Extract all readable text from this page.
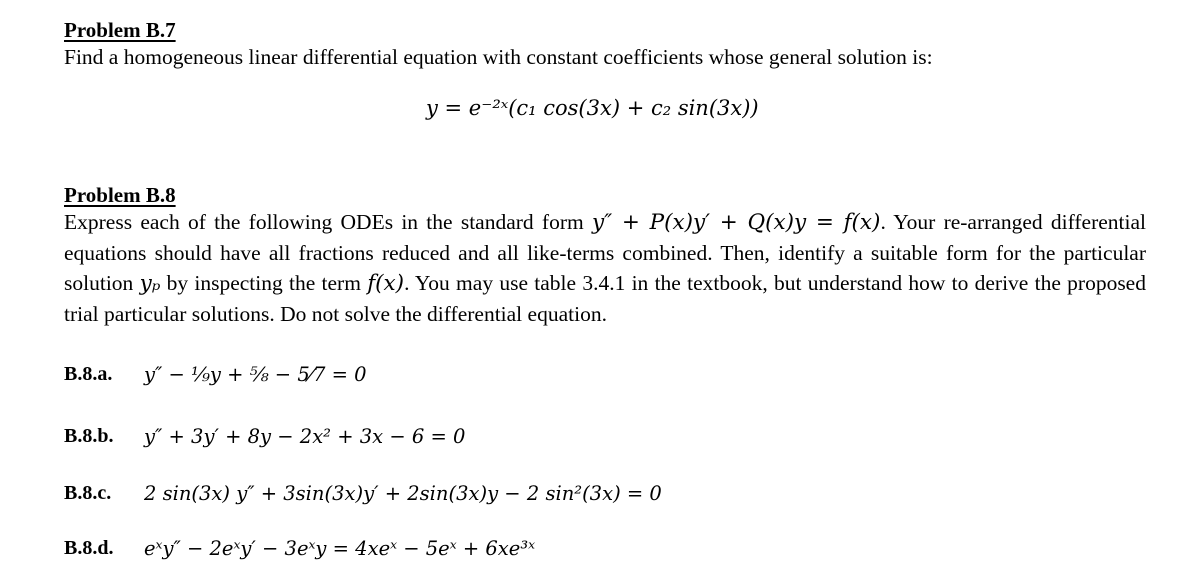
Problem B.7
Find a homogeneous linear differential equation with constant coefficients whose general solution is:
y = e⁻²ˣ(c₁ cos(3x) + c₂ sin(3x))
Problem B.8
Express each of the following ODEs in the standard form y″ + P(x)y′ + Q(x)y = f(x). Your re-arranged differential equations should have all fractions reduced and all like-terms combined. Then, identify a suitable form for the particular solution yₚ by inspecting the term f(x). You may use table 3.4.1 in the textbook, but understand how to derive the proposed trial particular solutions. Do not solve the differential equation.
B.8.a.	y″ − ⅑y + ⅝ − 5⁄7 = 0
B.8.b.	y″ + 3y′ + 8y − 2x² + 3x − 6 = 0
B.8.c.	2 sin(3x) y″ + 3sin(3x)y′ + 2sin(3x)y − 2 sin²(3x) = 0
B.8.d.	eˣy″ − 2eˣy′ − 3eˣy = 4xeˣ − 5eˣ + 6xe³ˣ
